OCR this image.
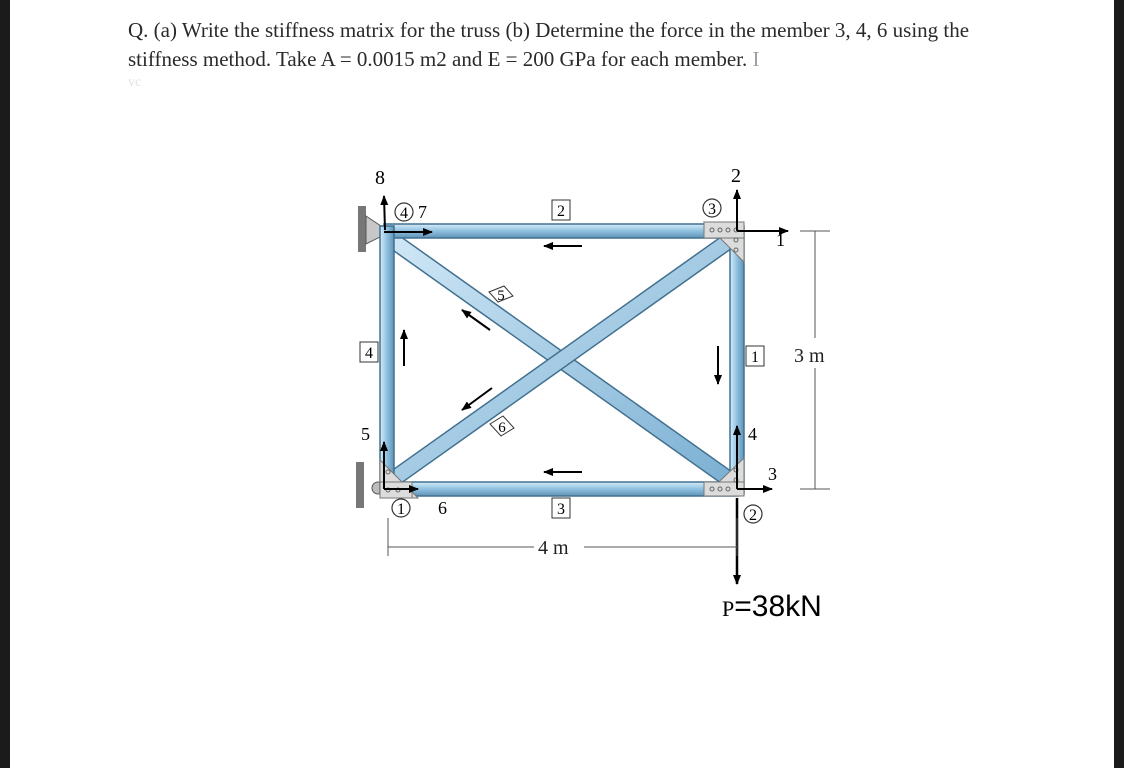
Q. (a) Write the stiffness matrix for the truss (b) Determine the force in the member 3, 4, 6 using the
stiffness method. Take A = 0.0015 m2 and E = 200 GPa for each member. I
vc
4 m
3 m
4	3
1	2
2
3
4	1
5
6
8
7
2
1
5
6
4
3
P=38kN
